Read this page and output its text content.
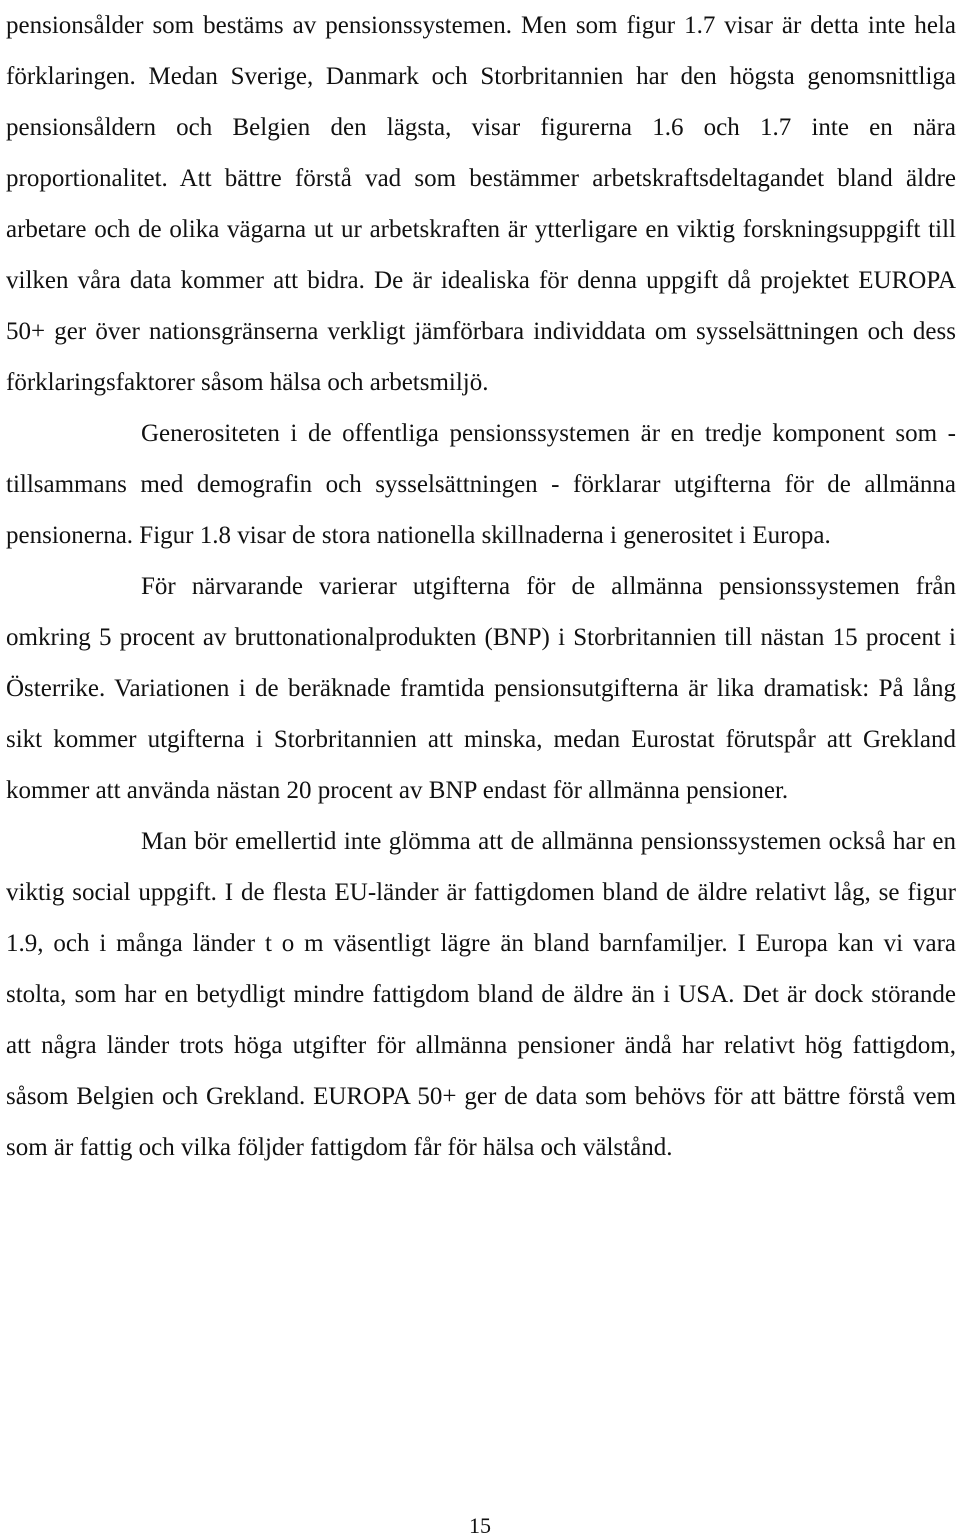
pensionsålder som bestäms av pensionssystemen. Men som figur 1.7 visar är detta inte hela förklaringen. Medan Sverige, Danmark och Storbritannien har den högsta genomsnittliga pensionsåldern och Belgien den lägsta, visar figurerna 1.6 och 1.7 inte en nära proportionalitet. Att bättre förstå vad som bestämmer arbetskraftsdeltagandet bland äldre arbetare och de olika vägarna ut ur arbetskraften är ytterligare en viktig forskningsuppgift till vilken våra data kommer att bidra. De är idealiska för denna uppgift då projektet EUROPA 50+ ger över nationsgränserna verkligt jämförbara individdata om sysselsättningen och dess förklaringsfaktorer såsom hälsa och arbetsmiljö.

Generositeten i de offentliga pensionssystemen är en tredje komponent som - tillsammans med demografin och sysselsättningen - förklarar utgifterna för de allmänna pensionerna. Figur 1.8 visar de stora nationella skillnaderna i generositet i Europa.

För närvarande varierar utgifterna för de allmänna pensionssystemen från omkring 5 procent av bruttonationalprodukten (BNP) i Storbritannien till nästan 15 procent i Österrike. Variationen i de beräknade framtida pensionsutgifterna är lika dramatisk: På lång sikt kommer utgifterna i Storbritannien att minska, medan Eurostat förutspår att Grekland kommer att använda nästan 20 procent av BNP endast för allmänna pensioner.

Man bör emellertid inte glömma att de allmänna pensionssystemen också har en viktig social uppgift. I de flesta EU-länder är fattigdomen bland de äldre relativt låg, se figur 1.9, och i många länder t o m väsentligt lägre än bland barnfamiljer. I Europa kan vi vara stolta, som har en betydligt mindre fattigdom bland de äldre än i USA. Det är dock störande att några länder trots höga utgifter för allmänna pensioner ändå har relativt hög fattigdom, såsom Belgien och Grekland. EUROPA 50+ ger de data som behövs för att bättre förstå vem som är fattig och vilka följder fattigdom får för hälsa och välstånd.

15
